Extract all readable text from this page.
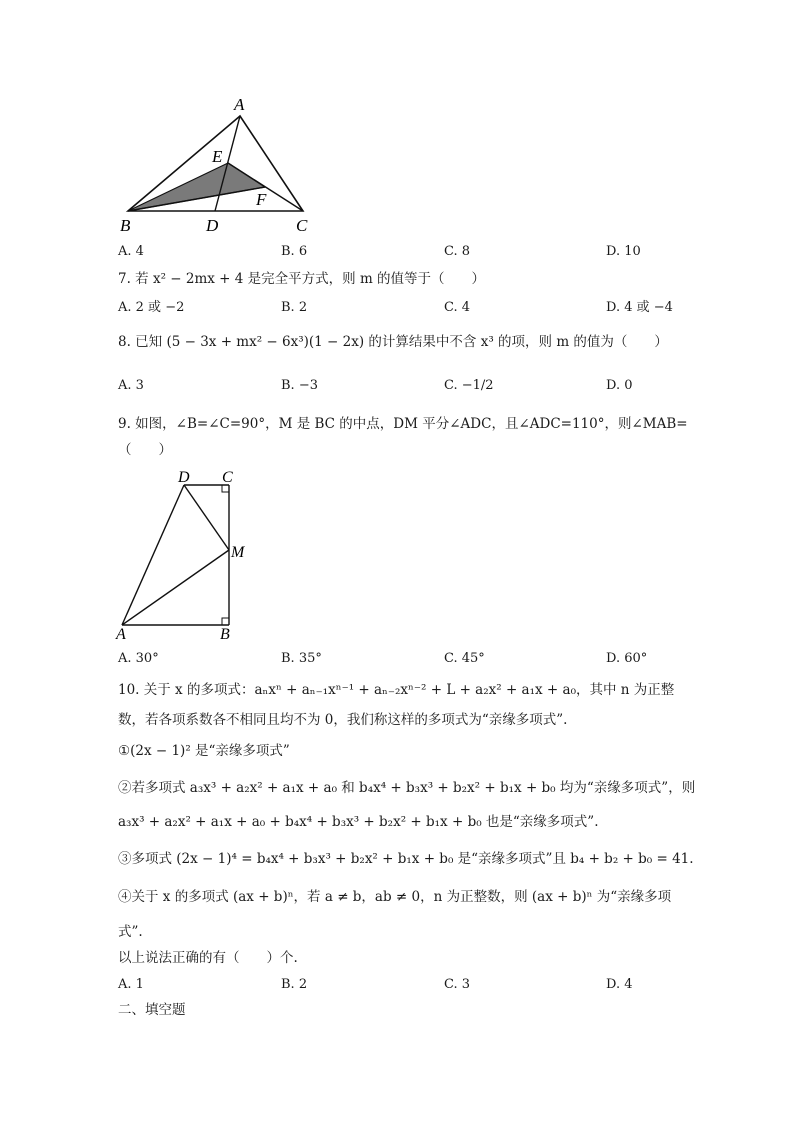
A
E
F
B	D	C
A. 4	B. 6	C. 8	D. 10
7. 若 x² − 2mx + 4 是完全平方式，则 m 的值等于（　　）
A. 2 或 −2	B. 2	C. 4	D. 4 或 −4
8. 已知 (5 − 3x + mx² − 6x³)(1 − 2x) 的计算结果中不含 x³ 的项，则 m 的值为（　　）
A. 3	B. −3	C. −1/2	D. 0
9. 如图，∠B=∠C=90°，M 是 BC 的中点，DM 平分∠ADC，且∠ADC=110°，则∠MAB=
（　　）
D C
M
A	B
A. 30°	B. 35°	C. 45°	D. 60°
10. 关于 x 的多项式：aₙxⁿ + aₙ₋₁xⁿ⁻¹ + aₙ₋₂xⁿ⁻² + L + a₂x² + a₁x + a₀，其中 n 为正整
数，若各项系数各不相同且均不为 0，我们称这样的多项式为“亲缘多项式”.
①(2x − 1)² 是“亲缘多项式”
②若多项式 a₃x³ + a₂x² + a₁x + a₀ 和 b₄x⁴ + b₃x³ + b₂x² + b₁x + b₀ 均为“亲缘多项式”，则
a₃x³ + a₂x² + a₁x + a₀ + b₄x⁴ + b₃x³ + b₂x² + b₁x + b₀ 也是“亲缘多项式”.
③多项式 (2x − 1)⁴ = b₄x⁴ + b₃x³ + b₂x² + b₁x + b₀ 是“亲缘多项式”且 b₄ + b₂ + b₀ = 41.
④关于 x 的多项式 (ax + b)ⁿ，若 a ≠ b，ab ≠ 0，n 为正整数，则 (ax + b)ⁿ 为“亲缘多项
式”.
以上说法正确的有（　　）个.
A. 1	B. 2	C. 3	D. 4
二、填空题
